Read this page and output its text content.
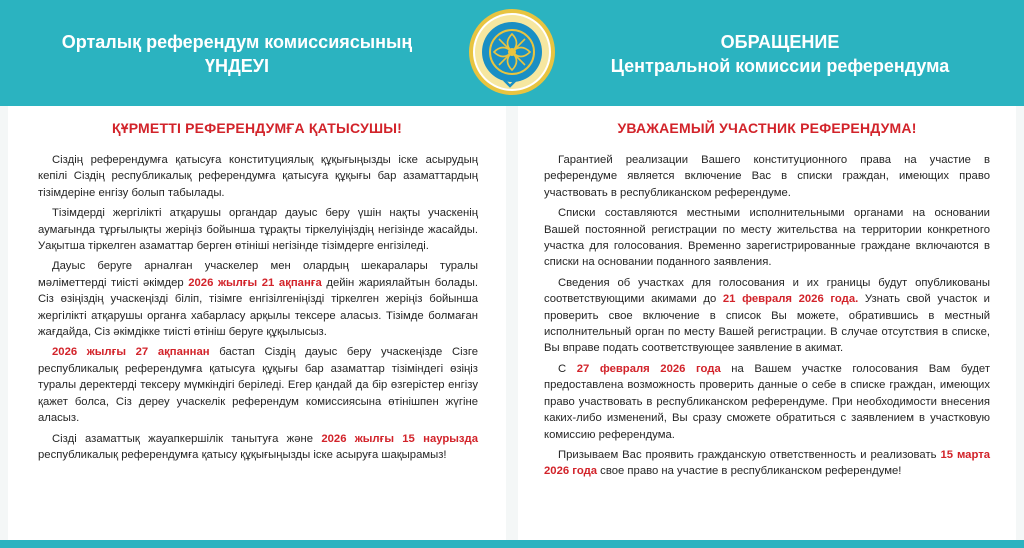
Орталық референдум комиссиясының
ҮНДЕУІ
ОБРАЩЕНИЕ
Центральной комиссии референдума
ҚҰРМЕТТІ РЕФЕРЕНДУМҒА ҚАТЫСУШЫ!

Сіздің референдумға қатысуға конституциялық құқығыңызды іске асырудың кепілі Сіздің республикалық референдумға қатысуға құқығы бар азаматтардың тізімдеріне енгізу болып табылады.

Тізімдерді жергілікті атқарушы органдар дауыс беру үшін нақты учаскенің аумағында тұрғылықты жеріңіз бойынша тұрақты тіркелуіңіздің негізінде жасайды. Уақытша тіркелген азаматтар берген өтініші негізінде тізімдерге енгізіледі.

Дауыс беруге арналған учаскелер мен олардың шекаралары туралы мәліметтерді тиісті әкімдер 2026 жылғы 21 ақпанға дейін жариялайтын болады. Сіз өзіңіздің учаскеңізді біліп, тізімге енгізілгеніңізді тіркелген жеріңіз бойынша жергілікті атқарушы органға хабарласу арқылы тексере аласыз. Тізімде болмаған жағдайда, Сіз әкімдікке тиісті өтініш беруге құқылысыз.

2026 жылғы 27 ақпаннан бастап Сіздің дауыс беру учаскеңізде Сізге республикалық референдумға қатысуға құқығы бар азаматтар тізіміндегі өзіңіз туралы деректерді тексеру мүмкіндігі беріледі. Егер қандай да бір өзгерістер енгізу қажет болса, Сіз дереу учаскелік референдум комиссиясына өтінішпен жүгіне аласыз.

Сізді азаматтық жауапкершілік танытуға және 2026 жылғы 15 наурызда республикалық референдумға қатысу құқығыңызды іске асыруға шақырамыз!

УВАЖАЕМЫЙ УЧАСТНИК РЕФЕРЕНДУМА!

Гарантией реализации Вашего конституционного права на участие в референдуме является включение Вас в списки граждан, имеющих право участвовать в республиканском референдуме.

Списки составляются местными исполнительными органами на основании Вашей постоянной регистрации по месту жительства на территории конкретного участка для голосования. Временно зарегистрированные граждане включаются в списки на основании поданного заявления.

Сведения об участках для голосования и их границы будут опубликованы соответствующими акимами до 21 февраля 2026 года. Узнать свой участок и проверить свое включение в список Вы можете, обратившись в местный исполнительный орган по месту Вашей регистрации. В случае отсутствия в списке, Вы вправе подать соответствующее заявление в акимат.

С 27 февраля 2026 года на Вашем участке голосования Вам будет предоставлена возможность проверить данные о себе в списке граждан, имеющих право участвовать в республиканском референдуме. При необходимости внесения каких-либо изменений, Вы сразу сможете обратиться с заявлением в участковую комиссию референдума.

Призываем Вас проявить гражданскую ответственность и реализовать 15 марта 2026 года свое право на участие в республиканском референдуме!
